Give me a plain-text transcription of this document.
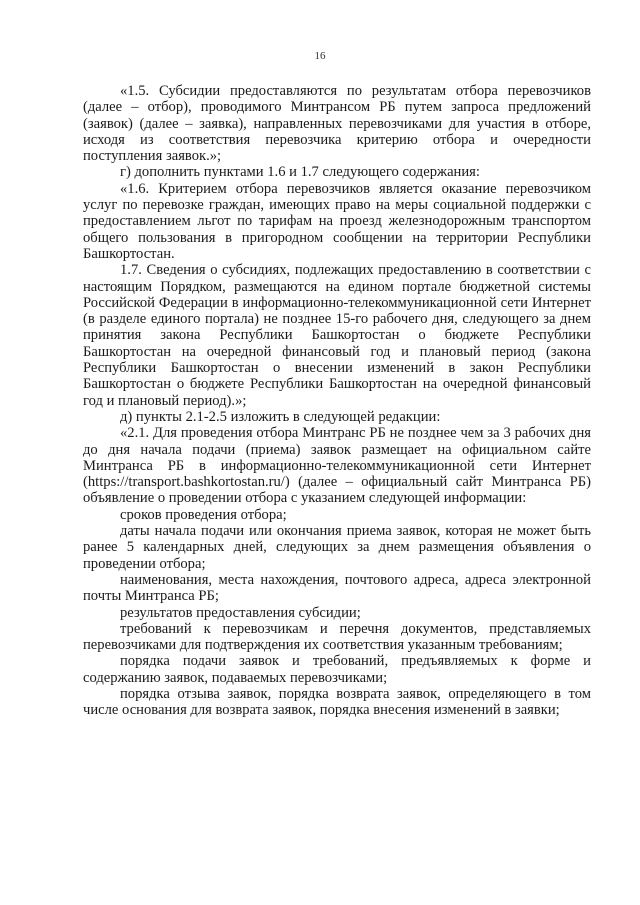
16

«1.5. Субсидии предоставляются по результатам отбора перевозчиков (далее – отбор), проводимого Минтрансом РБ путем запроса предложений (заявок) (далее – заявка), направленных перевозчиками для участия в отборе, исходя из соответствия перевозчика критерию отбора и очередности поступления заявок.»;

г) дополнить пунктами 1.6 и 1.7 следующего содержания:

«1.6. Критерием отбора перевозчиков является оказание перевозчиком услуг по перевозке граждан, имеющих право на меры социальной поддержки с предоставлением льгот по тарифам на проезд железнодорожным транспортом общего пользования в пригородном сообщении на территории Республики Башкортостан.

1.7. Сведения о субсидиях, подлежащих предоставлению в соответствии с настоящим Порядком, размещаются на едином портале бюджетной системы Российской Федерации в информационно-телекоммуникационной сети Интернет (в разделе единого портала) не позднее 15-го рабочего дня, следующего за днем принятия закона Республики Башкортостан о бюджете Республики Башкортостан на очередной финансовый год и плановый период (закона Республики Башкортостан о внесении изменений в закон Республики Башкортостан о бюджете Республики Башкортостан на очередной финансовый год и плановый период).»;

д) пункты 2.1-2.5 изложить в следующей редакции:

«2.1. Для проведения отбора Минтранс РБ не позднее чем за 3 рабочих дня до дня начала подачи (приема) заявок размещает на официальном сайте Минтранса РБ в информационно-телекоммуникационной сети Интернет (https://transport.bashkortostan.ru/) (далее – официальный сайт Минтранса РБ) объявление о проведении отбора с указанием следующей информации:

сроков проведения отбора;

даты начала подачи или окончания приема заявок, которая не может быть ранее 5 календарных дней, следующих за днем размещения объявления о проведении отбора;

наименования, места нахождения, почтового адреса, адреса электронной почты Минтранса РБ;

результатов предоставления субсидии;

требований к перевозчикам и перечня документов, представляемых перевозчиками для подтверждения их соответствия указанным требованиям;

порядка подачи заявок и требований, предъявляемых к форме и содержанию заявок, подаваемых перевозчиками;

порядка отзыва заявок, порядка возврата заявок, определяющего в том числе основания для возврата заявок, порядка внесения изменений в заявки;
